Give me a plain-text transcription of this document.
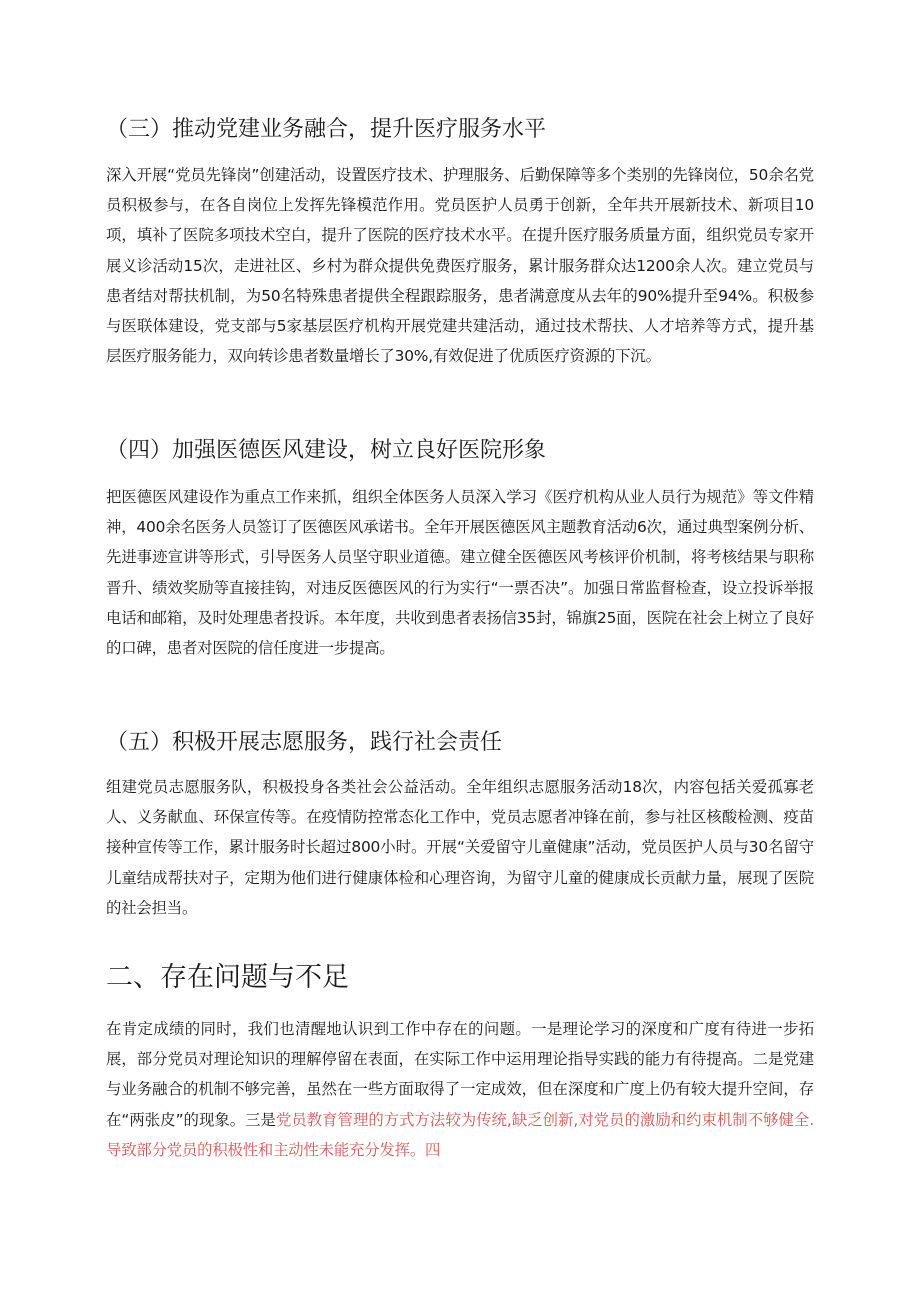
（三）推动党建业务融合，提升医疗服务水平

深入开展“党员先锋岗”创建活动，设置医疗技术、护理服务、后勤保障等多个类别的先锋岗位，50余名党员积极参与，在各自岗位上发挥先锋模范作用。党员医护人员勇于创新，全年共开展新技术、新项目10项，填补了医院多项技术空白，提升了医院的医疗技术水平。在提升医疗服务质量方面，组织党员专家开展义诊活动15次，走进社区、乡村为群众提供免费医疗服务，累计服务群众达1200余人次。建立党员与患者结对帮扶机制，为50名特殊患者提供全程跟踪服务，患者满意度从去年的90%提升至94%。积极参与医联体建设，党支部与5家基层医疗机构开展党建共建活动，通过技术帮扶、人才培养等方式，提升基层医疗服务能力，双向转诊患者数量增长了30%,有效促进了优质医疗资源的下沉。

（四）加强医德医风建设，树立良好医院形象

把医德医风建设作为重点工作来抓，组织全体医务人员深入学习《医疗机构从业人员行为规范》等文件精神，400余名医务人员签订了医德医风承诺书。全年开展医德医风主题教育活动6次，通过典型案例分析、先进事迹宣讲等形式，引导医务人员坚守职业道德。建立健全医德医风考核评价机制，将考核结果与职称晋升、绩效奖励等直接挂钩，对违反医德医风的行为实行“一票否决”。加强日常监督检查，设立投诉举报电话和邮箱，及时处理患者投诉。本年度，共收到患者表扬信35封，锦旗25面，医院在社会上树立了良好的口碑，患者对医院的信任度进一步提高。

（五）积极开展志愿服务，践行社会责任

组建党员志愿服务队，积极投身各类社会公益活动。全年组织志愿服务活动18次，内容包括关爱孤寡老人、义务献血、环保宣传等。在疫情防控常态化工作中，党员志愿者冲锋在前，参与社区核酸检测、疫苗接种宣传等工作，累计服务时长超过800小时。开展“关爱留守儿童健康”活动，党员医护人员与30名留守儿童结成帮扶对子，定期为他们进行健康体检和心理咨询，为留守儿童的健康成长贡献力量，展现了医院的社会担当。

二、存在问题与不足

在肯定成绩的同时，我们也清醒地认识到工作中存在的问题。一是理论学习的深度和广度有待进一步拓展，部分党员对理论知识的理解停留在表面，在实际工作中运用理论指导实践的能力有待提高。二是党建与业务融合的机制不够完善，虽然在一些方面取得了一定成效，但在深度和广度上仍有较大提升空间，存在“两张皮”的现象。三是党员教育管理的方式方法较为传统,缺乏创新,对党员的激励和约束机制不够健全.导致部分党员的积极性和主动性未能充分发挥。四
